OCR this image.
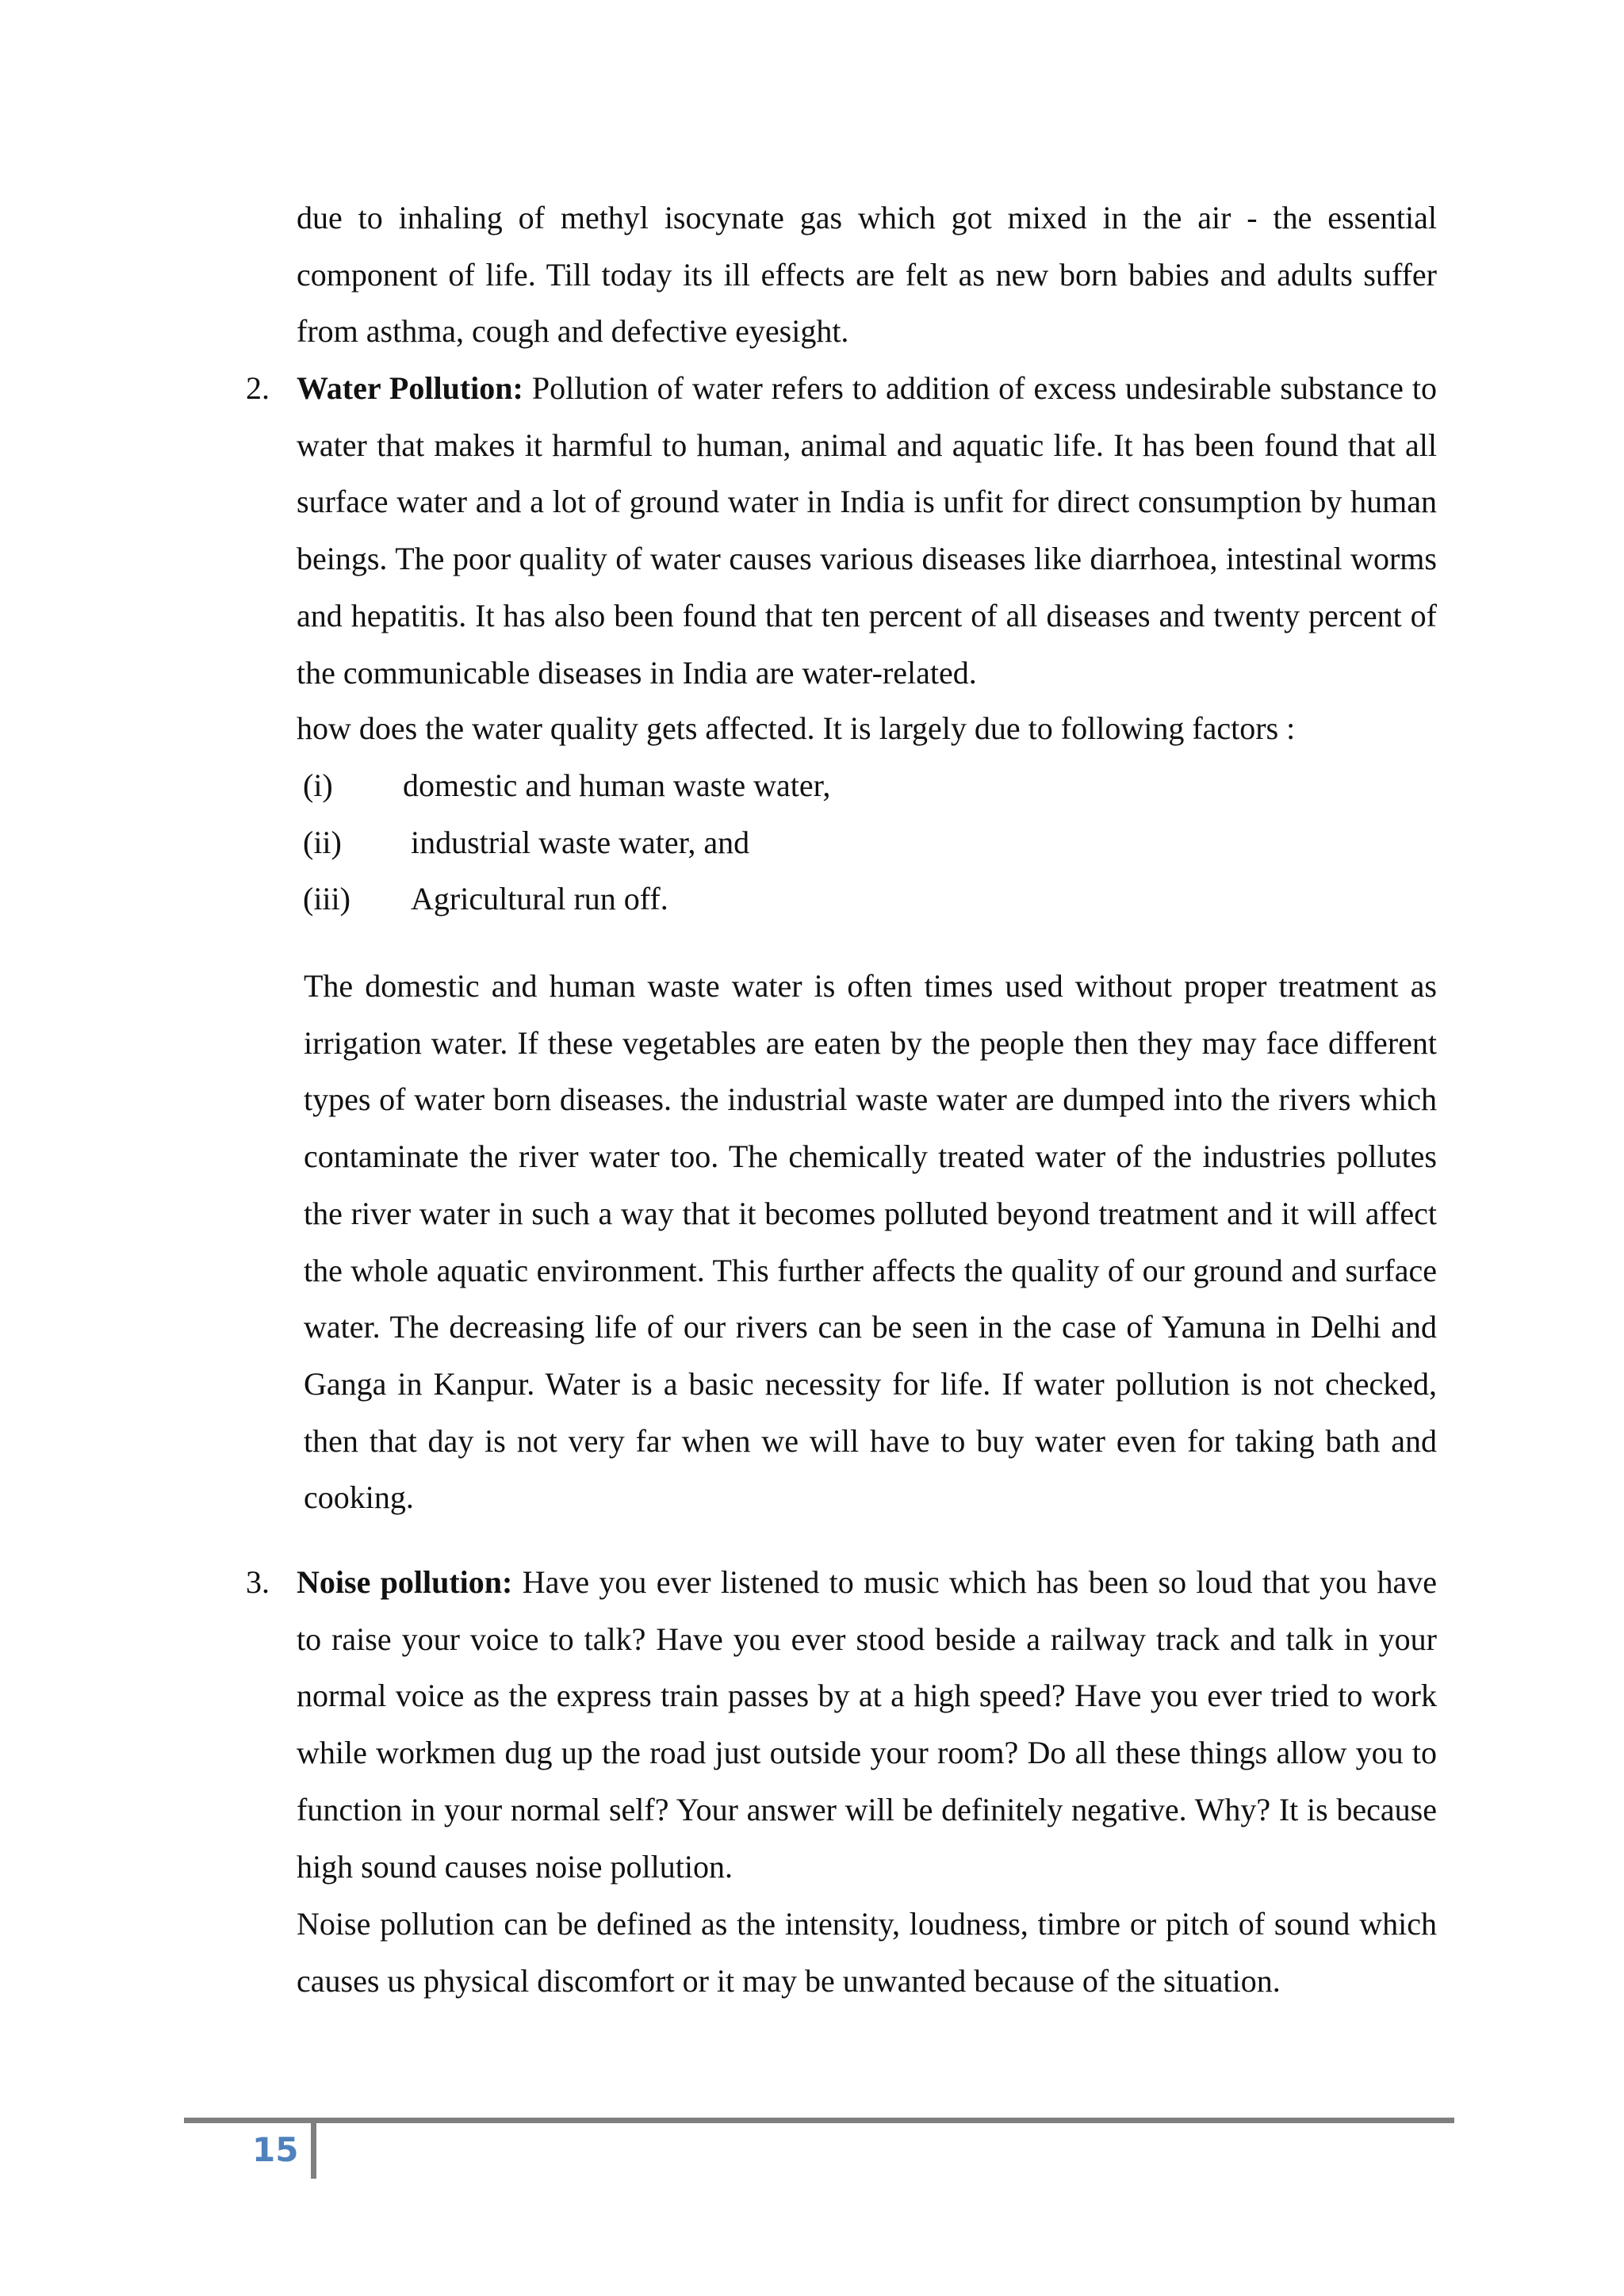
due to inhaling of methyl isocynate gas which got mixed in the air - the essential component of life. Till today its ill effects are felt as new born babies and adults suffer from asthma, cough and defective eyesight.

2. Water Pollution: Pollution of water refers to addition of excess undesirable substance to water that makes it harmful to human, animal and aquatic life. It has been found that all surface water and a lot of ground water in India is unfit for direct consumption by human beings. The poor quality of water causes various diseases like diarrhoea, intestinal worms and hepatitis. It has also been found that ten percent of all diseases and twenty percent of the communicable diseases in India are water-related.

how does the water quality gets affected. It is largely due to following factors :

(i) domestic and human waste water,
(ii) industrial waste water, and
(iii) Agricultural run off.

The domestic and human waste water is often times used without proper treatment as irrigation water. If these vegetables are eaten by the people then they may face different types of water born diseases. the industrial waste water are dumped into the rivers which contaminate the river water too. The chemically treated water of the industries pollutes the river water in such a way that it becomes polluted beyond treatment and it will affect the whole aquatic environment. This further affects the quality of our ground and surface water. The decreasing life of our rivers can be seen in the case of Yamuna in Delhi and Ganga in Kanpur. Water is a basic necessity for life. If water pollution is not checked, then that day is not very far when we will have to buy water even for taking bath and cooking.

3. Noise pollution: Have you ever listened to music which has been so loud that you have to raise your voice to talk? Have you ever stood beside a railway track and talk in your normal voice as the express train passes by at a high speed? Have you ever tried to work while workmen dug up the road just outside your room? Do all these things allow you to function in your normal self? Your answer will be definitely negative. Why? It is because high sound causes noise pollution.

Noise pollution can be defined as the intensity, loudness, timbre or pitch of sound which causes us physical discomfort or it may be unwanted because of the situation.

15
